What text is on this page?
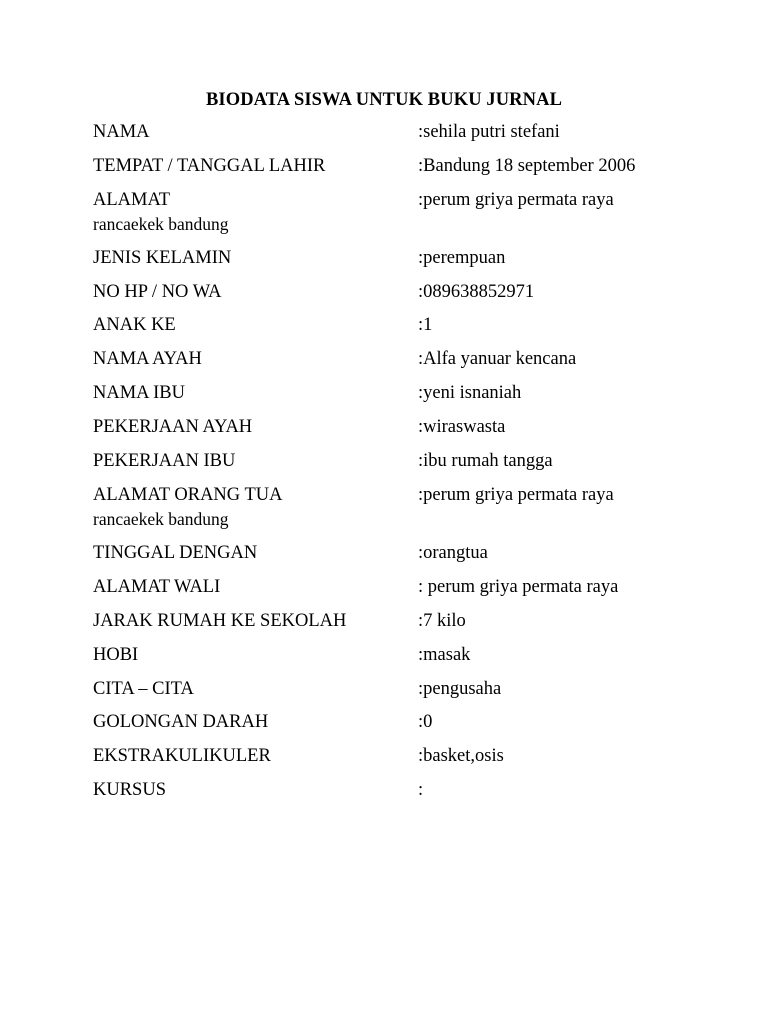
BIODATA SISWA UNTUK BUKU JURNAL
NAMA	:sehila putri stefani
TEMPAT / TANGGAL LAHIR	:Bandung 18 september 2006
ALAMAT	:perum griya permata raya
rancaekek bandung
JENIS KELAMIN	:perempuan
NO HP / NO WA	:089638852971
ANAK KE	:1
NAMA AYAH	:Alfa yanuar kencana
NAMA IBU	:yeni isnaniah
PEKERJAAN AYAH	:wiraswasta
PEKERJAAN IBU	:ibu rumah tangga
ALAMAT ORANG TUA	:perum griya permata raya
rancaekek bandung
TINGGAL DENGAN	:orangtua
ALAMAT WALI	: perum griya permata raya
JARAK RUMAH KE SEKOLAH	:7 kilo
HOBI	:masak
CITA – CITA	:pengusaha
GOLONGAN DARAH	:0
EKSTRAKULIKULER	:basket,osis
KURSUS	:
